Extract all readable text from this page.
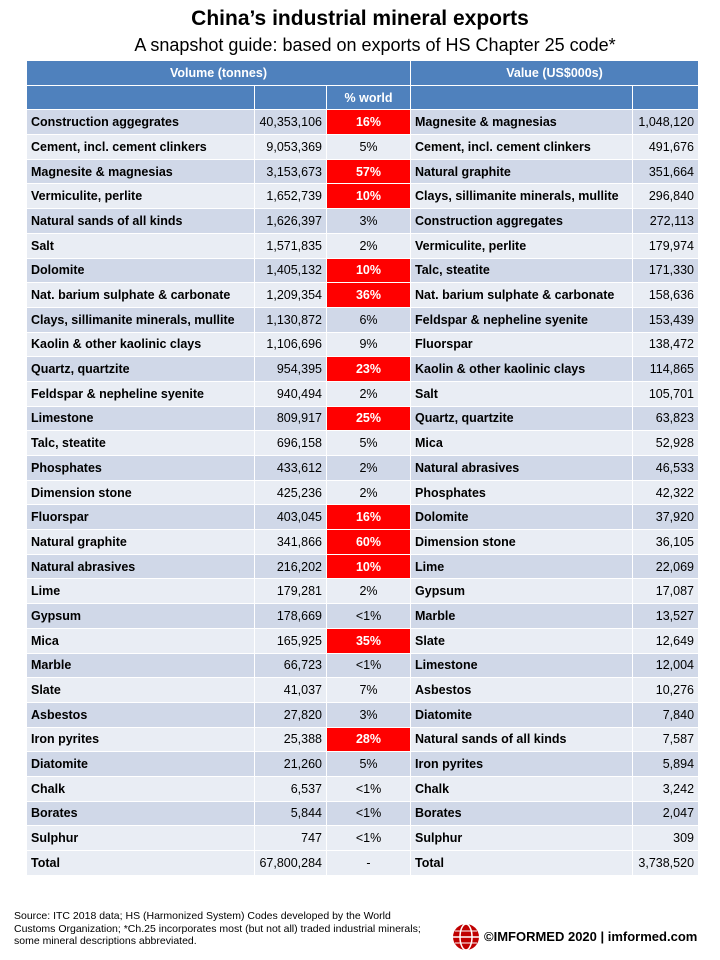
China’s industrial mineral exports
A snapshot guide: based on exports of HS Chapter 25 code*
Volume (tonnes)			Value (US$000s)	
		% world		
Construction aggegrates	40,353,106	16%	Magnesite & magnesias	1,048,120
Cement, incl. cement clinkers	9,053,369	5%	Cement, incl. cement clinkers	491,676
Magnesite & magnesias	3,153,673	57%	Natural graphite	351,664
Vermiculite, perlite	1,652,739	10%	Clays, sillimanite minerals, mullite	296,840
Natural sands of all kinds	1,626,397	3%	Construction aggregates	272,113
Salt	1,571,835	2%	Vermiculite, perlite	179,974
Dolomite	1,405,132	10%	Talc, steatite	171,330
Nat. barium sulphate & carbonate	1,209,354	36%	Nat. barium sulphate & carbonate	158,636
Clays, sillimanite minerals, mullite	1,130,872	6%	Feldspar & nepheline syenite	153,439
Kaolin & other kaolinic clays	1,106,696	9%	Fluorspar	138,472
Quartz, quartzite	954,395	23%	Kaolin & other kaolinic clays	114,865
Feldspar & nepheline syenite	940,494	2%	Salt	105,701
Limestone	809,917	25%	Quartz, quartzite	63,823
Talc, steatite	696,158	5%	Mica	52,928
Phosphates	433,612	2%	Natural abrasives	46,533
Dimension stone	425,236	2%	Phosphates	42,322
Fluorspar	403,045	16%	Dolomite	37,920
Natural graphite	341,866	60%	Dimension stone	36,105
Natural abrasives	216,202	10%	Lime	22,069
Lime	179,281	2%	Gypsum	17,087
Gypsum	178,669	<1%	Marble	13,527
Mica	165,925	35%	Slate	12,649
Marble	66,723	<1%	Limestone	12,004
Slate	41,037	7%	Asbestos	10,276
Asbestos	27,820	3%	Diatomite	7,840
Iron pyrites	25,388	28%	Natural sands of all kinds	7,587
Diatomite	21,260	5%	Iron pyrites	5,894
Chalk	6,537	<1%	Chalk	3,242
Borates	5,844	<1%	Borates	2,047
Sulphur	747	<1%	Sulphur	309
Total	67,800,284	-	Total	3,738,520
Source: ITC 2018 data; HS (Harmonized System) Codes developed by the World Customs Organization; *Ch.25 incorporates most (but not all) traded industrial minerals; some mineral descriptions abbreviated.	©IMFORMED 2020 | imformed.com
